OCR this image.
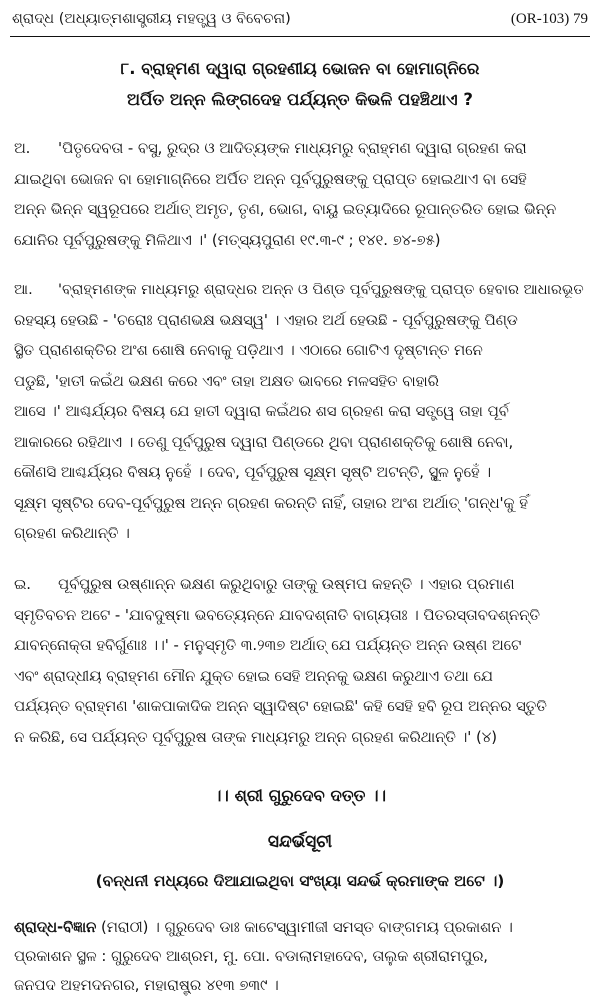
ଶ୍ରାଦ୍ଧ (ଅଧ୍ୟାତ୍ମଶାସ୍ତ୍ରୀୟ ମହତ୍ତ୍ୱ ଓ ବିବେଚନା)	(OR-103) 79
୮. ବ୍ରାହ୍ମଣ ଦ୍ୱାରା ଗ୍ରହଣୀୟ ଭୋଜନ ବା ହୋମାଗ୍ନିରେ
ଅର୍ପିତ ଅନ୍ନ ଲିଙ୍ଗଦେହ ପର୍ଯ୍ୟନ୍ତ କିଭଳି ପହଞ୍ଚିଥାଏ ?
ଅ. 'ପିତୃଦେବତା - ବସୁ, ରୁଦ୍ର ଓ ଆଦିତ୍ୟଙ୍କ ମାଧ୍ୟମରୁ ବ୍ରାହ୍ମଣ ଦ୍ୱାରା ଗ୍ରହଣ କରା
ଯାଇଥିବା ଭୋଜନ ବା ହୋମାଗ୍ନିରେ ଅର୍ପିତ ଅନ୍ନ ପୂର୍ବପୁରୁଷଙ୍କୁ ପ୍ରାପ୍ତ ହୋଇଥାଏ ବା ସେହି
ଅନ୍ନ ଭିନ୍ନ ସ୍ୱରୂପରେ ଅର୍ଥାତ୍ ଅମୃତ, ତୃଣ, ଭୋଗ, ବାୟୁ ଇତ୍ୟାଦିରେ ରୂପାନ୍ତରିତ ହୋଇ ଭିନ୍ନ
ଯୋନିର ପୂର୍ବପୁରୁଷଙ୍କୁ ମିଳିଥାଏ ।' (ମତ୍ସ୍ୟପୁରାଣ ୧୯.୩-୯ ; ୧୪୧. ୭୪-୭୫)
ଆ. 'ବ୍ରାହ୍ମଣଙ୍କ ମାଧ୍ୟମରୁ ଶ୍ରାଦ୍ଧର ଅନ୍ନ ଓ ପିଣ୍ଡ ପୂର୍ବପୁରୁଷଙ୍କୁ ପ୍ରାପ୍ତ ହେବାର ଆଧାରଭୂତ
ରହସ୍ୟ ହେଉଛି - 'ଚରୋଃ ପ୍ରାଣଭକ୍ଷ ଭକ୍ଷସ୍ୱ' । ଏହାର ଅର୍ଥ ହେଉଛି - ପୂର୍ବପୁରୁଷଙ୍କୁ ପିଣ୍ଡ
ସ୍ଥିତ ପ୍ରାଣଶକ୍ତିର ଅଂଶ ଶୋଷି ନେବାକୁ ପଡ଼ିଥାଏ । ଏଠାରେ ଗୋଟିଏ ଦୃଷ୍ଟାନ୍ତ ମନେ
ପଡୁଛି, 'ହାତୀ କଇଁଥ ଭକ୍ଷଣ କରେ ଏବଂ ତାହା ଅକ୍ଷତ ଭାବରେ ମଳସହିତ ବାହାରି
ଆସେ ।' ଆଶ୍ଚର୍ଯ୍ୟର ବିଷୟ ଯେ ହାତୀ ଦ୍ୱାରା କଇଁଥର ଶସ ଗ୍ରହଣ କରା ସତ୍ତ୍ୱେ ତାହା ପୂର୍ବ
ଆକାରରେ ରହିଥାଏ । ତେଣୁ ପୂର୍ବପୁରୁଷ ଦ୍ୱାରା ପିଣ୍ଡରେ ଥିବା ପ୍ରାଣଶକ୍ତିକୁ ଶୋଷି ନେବା,
କୌଣସି ଆଶ୍ଚର୍ଯ୍ୟର ବିଷୟ ନୁହେଁ । ଦେବ, ପୂର୍ବପୁରୁଷ ସୂକ୍ଷ୍ମ ସୃଷ୍ଟି ଅଟନ୍ତି, ସ୍ଥୂଳ ନୁହେଁ ।
ସୂକ୍ଷ୍ମ ସୃଷ୍ଟିର ଦେବ-ପୂର୍ବପୁରୁଷ ଅନ୍ନ ଗ୍ରହଣ କରନ୍ତି ନାହିଁ, ତାହାର ଅଂଶ ଅର୍ଥାତ୍ 'ଗନ୍ଧ'କୁ ହିଁ
ଗ୍ରହଣ କରିଥାନ୍ତି ।
ଇ. ପୂର୍ବପୁରୁଷ ଉଷ୍ଣାନ୍ନ ଭକ୍ଷଣ କରୁଥିବାରୁ ତାଙ୍କୁ ଉଷ୍ମପ କହନ୍ତି । ଏହାର ପ୍ରମାଣ
ସ୍ମୃତିବଚନ ଅଟେ - 'ଯାବଦୁଷ୍ମା ଭବତ୍ୟେନ୍ନେ ଯାବଦଶ୍ନାତି ବାଗ୍ୟତାଃ । ପିତରସ୍ତାବଦଶ୍ନନ୍ତି
ଯାବନ୍ନୋକ୍ତା ହବିର୍ଗୁଣାଃ ।।' - ମନୁସ୍ମୃତି ୩.୨୩୭ ଅର୍ଥାତ୍ ଯେ ପର୍ଯ୍ୟନ୍ତ ଅନ୍ନ ଉଷ୍ଣ ଅଟେ
ଏବଂ ଶ୍ରାଦ୍ଧୀୟ ବ୍ରାହ୍ମଣ ମୌନ ଯୁକ୍ତ ହୋଇ ସେହି ଅନ୍ନକୁ ଭକ୍ଷଣ କରୁଥାଏ ତଥା ଯେ
ପର୍ଯ୍ୟନ୍ତ ବ୍ରାହ୍ମଣ 'ଶାକପାକାଦିକ ଅନ୍ନ ସ୍ୱାଦିଷ୍ଟ ହୋଇଛି' କହି ସେହି ହବି ରୂପ ଅନ୍ନର ସ୍ତୁତି
ନ କରିଛି, ସେ ପର୍ଯ୍ୟନ୍ତ ପୂର୍ବପୁରୁଷ ତାଙ୍କ ମାଧ୍ୟମରୁ ଅନ୍ନ ଗ୍ରହଣ କରିଥାନ୍ତି ।' (୪)
।। ଶ୍ରୀ ଗୁରୁଦେବ ଦତ୍ତ ।।
ସନ୍ଦର୍ଭସୂଚୀ
(ବନ୍ଧନୀ ମଧ୍ୟରେ ଦିଆଯାଇଥିବା ସଂଖ୍ୟା ସନ୍ଦର୍ଭ କ୍ରମାଙ୍କ ଅଟେ ।)
ଶ୍ରାଦ୍ଧ-ବିଜ୍ଞାନ (ମରାଠୀ) । ଗୁରୁଦେବ ଡାଃ କାଟେସ୍ୱାମୀଜୀ ସମସ୍ତ ବାଙ୍ଗମୟ ପ୍ରକାଶନ ।
ପ୍ରକାଶନ ସ୍ଥଳ : ଗୁରୁଦେବ ଆଶ୍ରମ, ମୁ. ପୋ. ବଡାଲାମହାଦେବ, ତାଲୁକ ଶ୍ରୀରାମପୁର,
ଜନପଦ ଅହମଦନଗର, ମହାରାଷ୍ଟ୍ର ୪୧୩ ୭୩୯ ।
